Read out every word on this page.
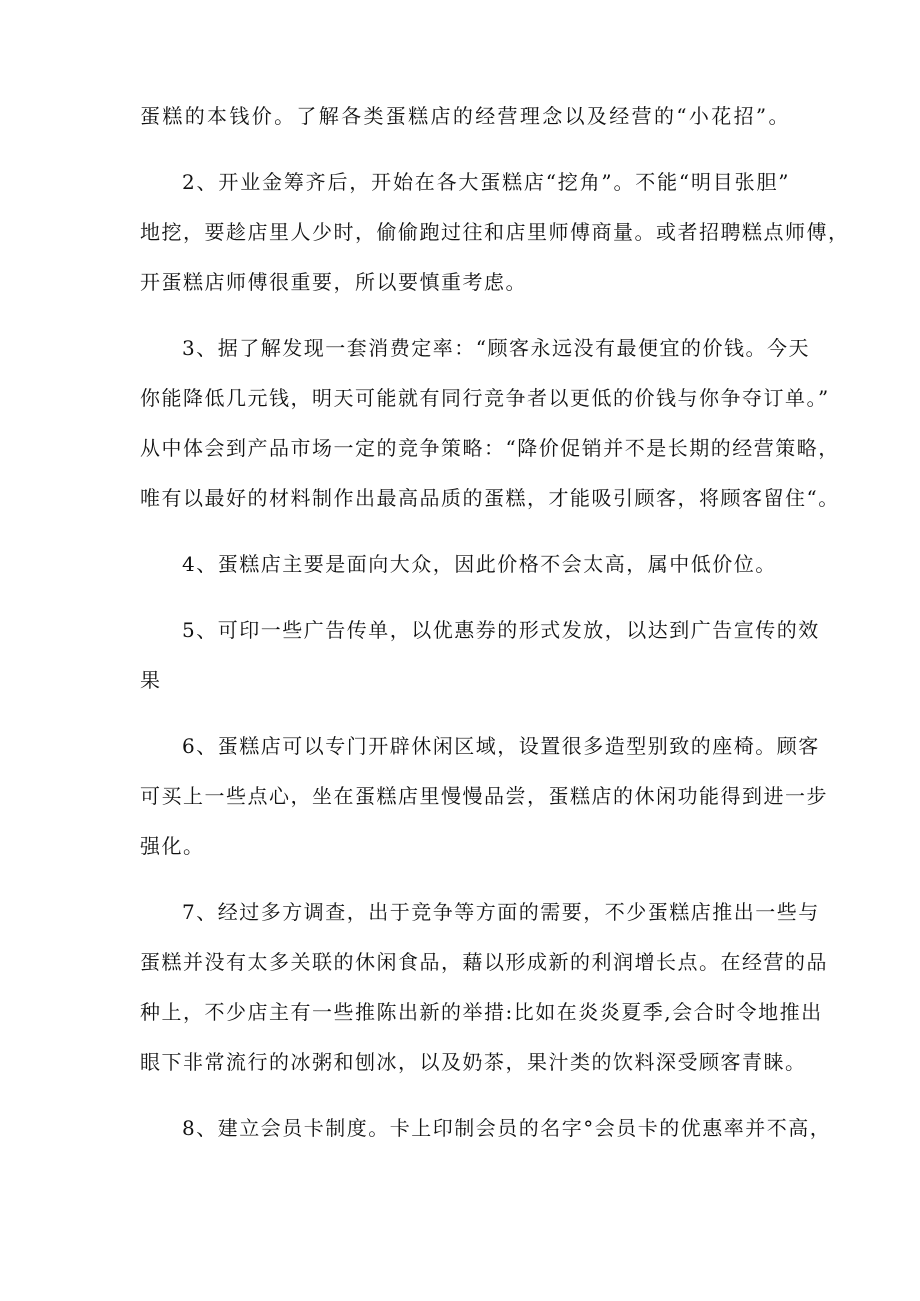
蛋糕的本钱价。了解各类蛋糕店的经营理念以及经营的“小花招”。
2、开业金筹齐后，开始在各大蛋糕店“挖角”。不能“明目张胆”
地挖，要趁店里人少时，偷偷跑过往和店里师傅商量。或者招聘糕点师傅，
开蛋糕店师傅很重要，所以要慎重考虑。
3、据了解发现一套消费定率：“顾客永远没有最便宜的价钱。今天
你能降低几元钱，明天可能就有同行竞争者以更低的价钱与你争夺订单。”
从中体会到产品市场一定的竞争策略：“降价促销并不是长期的经营策略，
唯有以最好的材料制作出最高品质的蛋糕，才能吸引顾客，将顾客留住“。
4、蛋糕店主要是面向大众，因此价格不会太高，属中低价位。
5、可印一些广告传单，以优惠券的形式发放，以达到广告宣传的效
果
6、蛋糕店可以专门开辟休闲区域，设置很多造型别致的座椅。顾客
可买上一些点心，坐在蛋糕店里慢慢品尝，蛋糕店的休闲功能得到进一步
强化。
7、经过多方调查，出于竞争等方面的需要，不少蛋糕店推出一些与
蛋糕并没有太多关联的休闲食品，藉以形成新的利润增长点。在经营的品
种上，不少店主有一些推陈出新的举措:比如在炎炎夏季,会合时令地推出
眼下非常流行的冰粥和刨冰，以及奶茶，果汁类的饮料深受顾客青睐。
8、建立会员卡制度。卡上印制会员的名字°会员卡的优惠率并不高，
